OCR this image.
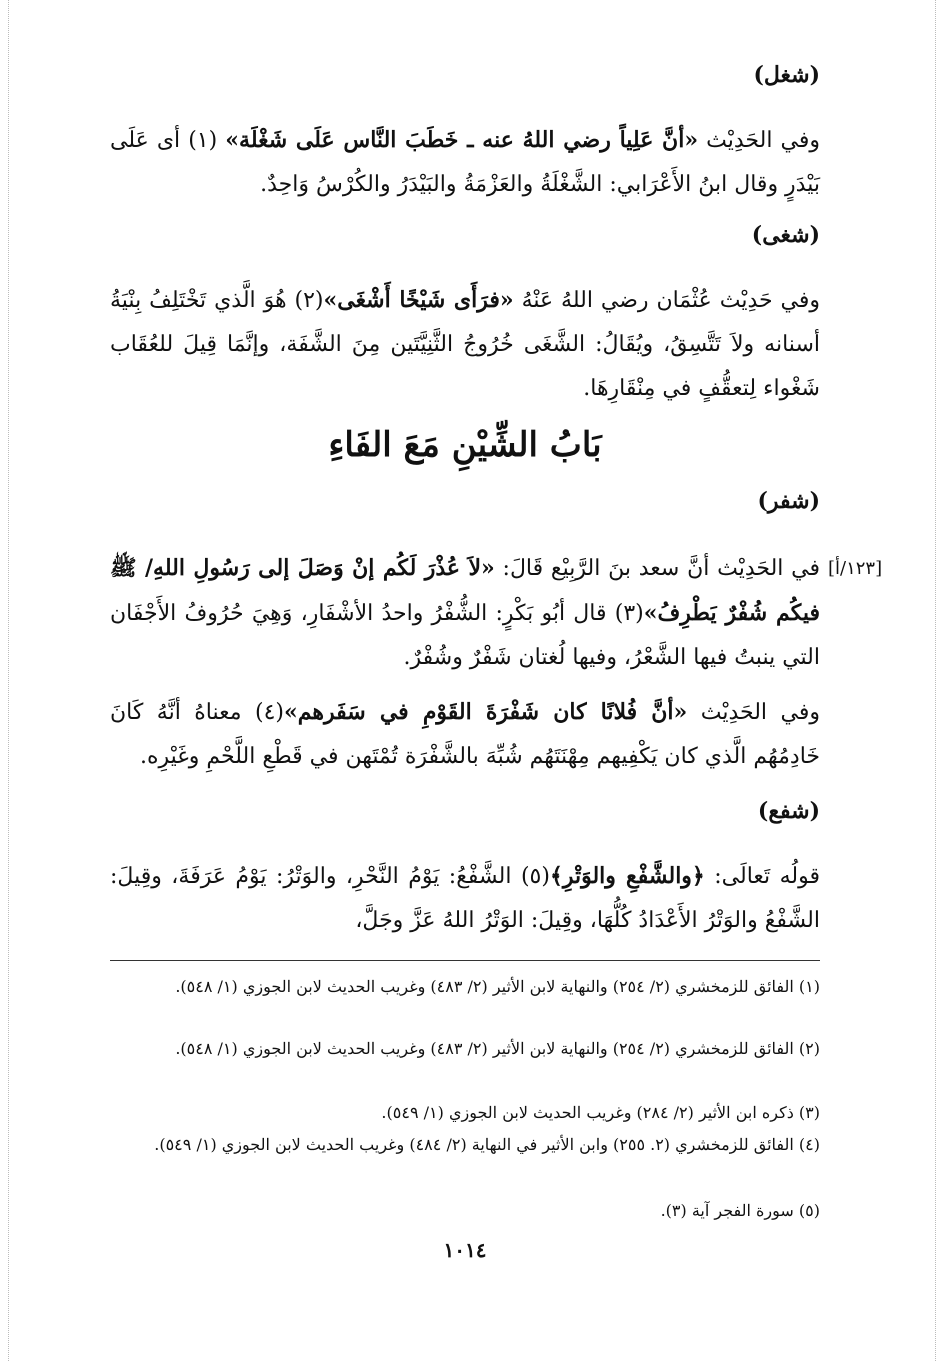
(شغل)
وفي الحَدِيْث «أنَّ عَلِياً رضي اللهُ عنه ـ خَطَبَ النَّاس عَلَى شَغْلَة» (١) أى عَلَى بَيْدَرٍ وقال ابنُ الأَعْرَابي: الشَّغْلَةُ والعَزْمَةُ والبَيْدَرُ والكُرْسُ وَاحِدٌ.
(شغى)
وفي حَدِيْث عُثْمَان رضي اللهُ عَنْهُ «فرَأَى شَيْخًا أَشْغَى»(٢) هُوَ الَّذي تَخْتَلِفُ بِنْيَةُ أسنانه ولاَ تَتَّسِقُ، ويُقَالُ: الشَّغَى خُرُوجُ الثَّنِيَّتَين مِنَ الشَّفَة، وإنَّمَا قِيلَ للعُقَاب شَغْواء لِتعقُّفٍ في مِنْقَارِهَا.
بَابُ الشِّيْنِ مَعَ الفَاءِ
(شفر)
في الحَدِيْث أنَّ سعد بنَ الرَّبِيْع قَالَ: «لاَ عُذْرَ لَكُم إنْ وَصَلَ إلى رَسُولِ اللهِ/ ﷺ فيكُم شُفْرٌ يَطْرِفُ»(٣) قال أبُو بَكْرٍ: الشُّفْرُ واحدُ الأشْفَارِ، وَهِيَ حُرُوفُ الأَجْفَان التي ينبتُ فيها الشَّعْرُ، وفيها لُغتان شَفْرٌ وشُفْرٌ.
وفي الحَدِيْث «أنَّ فُلانًا كان شَفْرَةَ القَوْمِ في سَفَرهم»(٤) معناهُ أنَّهُ كَانَ خَادِمُهُم الَّذي كان يَكْفِيهم مِهْنَتَهُم شُبِّهَ بالشَّفْرَة تُمْتَهن في قَطْعِ اللَّحْمِ وغَيْرِه.
(شفع)
قولُه تَعالَى: ﴿والشَّفْعِ والوَتْرِ﴾(٥) الشَّفْعُ: يَوْمُ النَّحْرِ، والوَتْرُ: يَوْمُ عَرَفَةَ، وقِيلَ: الشَّفْعُ والوَتْرُ الأَعْدَادُ كُلُّهَا، وقِيلَ: الوَتْرُ اللهُ عَزَّ وجَلَّ،
(١) الفائق للزمخشري (٢/ ٢٥٤) والنهاية لابن الأثير (٢/ ٤٨٣) وغريب الحديث لابن الجوزي (١/ ٥٤٨).
(٢) الفائق للزمخشري (٢/ ٢٥٤) والنهاية لابن الأثير (٢/ ٤٨٣) وغريب الحديث لابن الجوزي (١/ ٥٤٨).
(٣) ذكره ابن الأثير (٢/ ٢٨٤) وغريب الحديث لابن الجوزي (١/ ٥٤٩).
(٤) الفائق للزمخشري (٢. ٢٥٥) وابن الأثير في النهاية (٢/ ٤٨٤) وغريب الحديث لابن الجوزي (١/ ٥٤٩).
(٥) سورة الفجر آية (٣).
١٠١٤
[١٢٣/أ]
